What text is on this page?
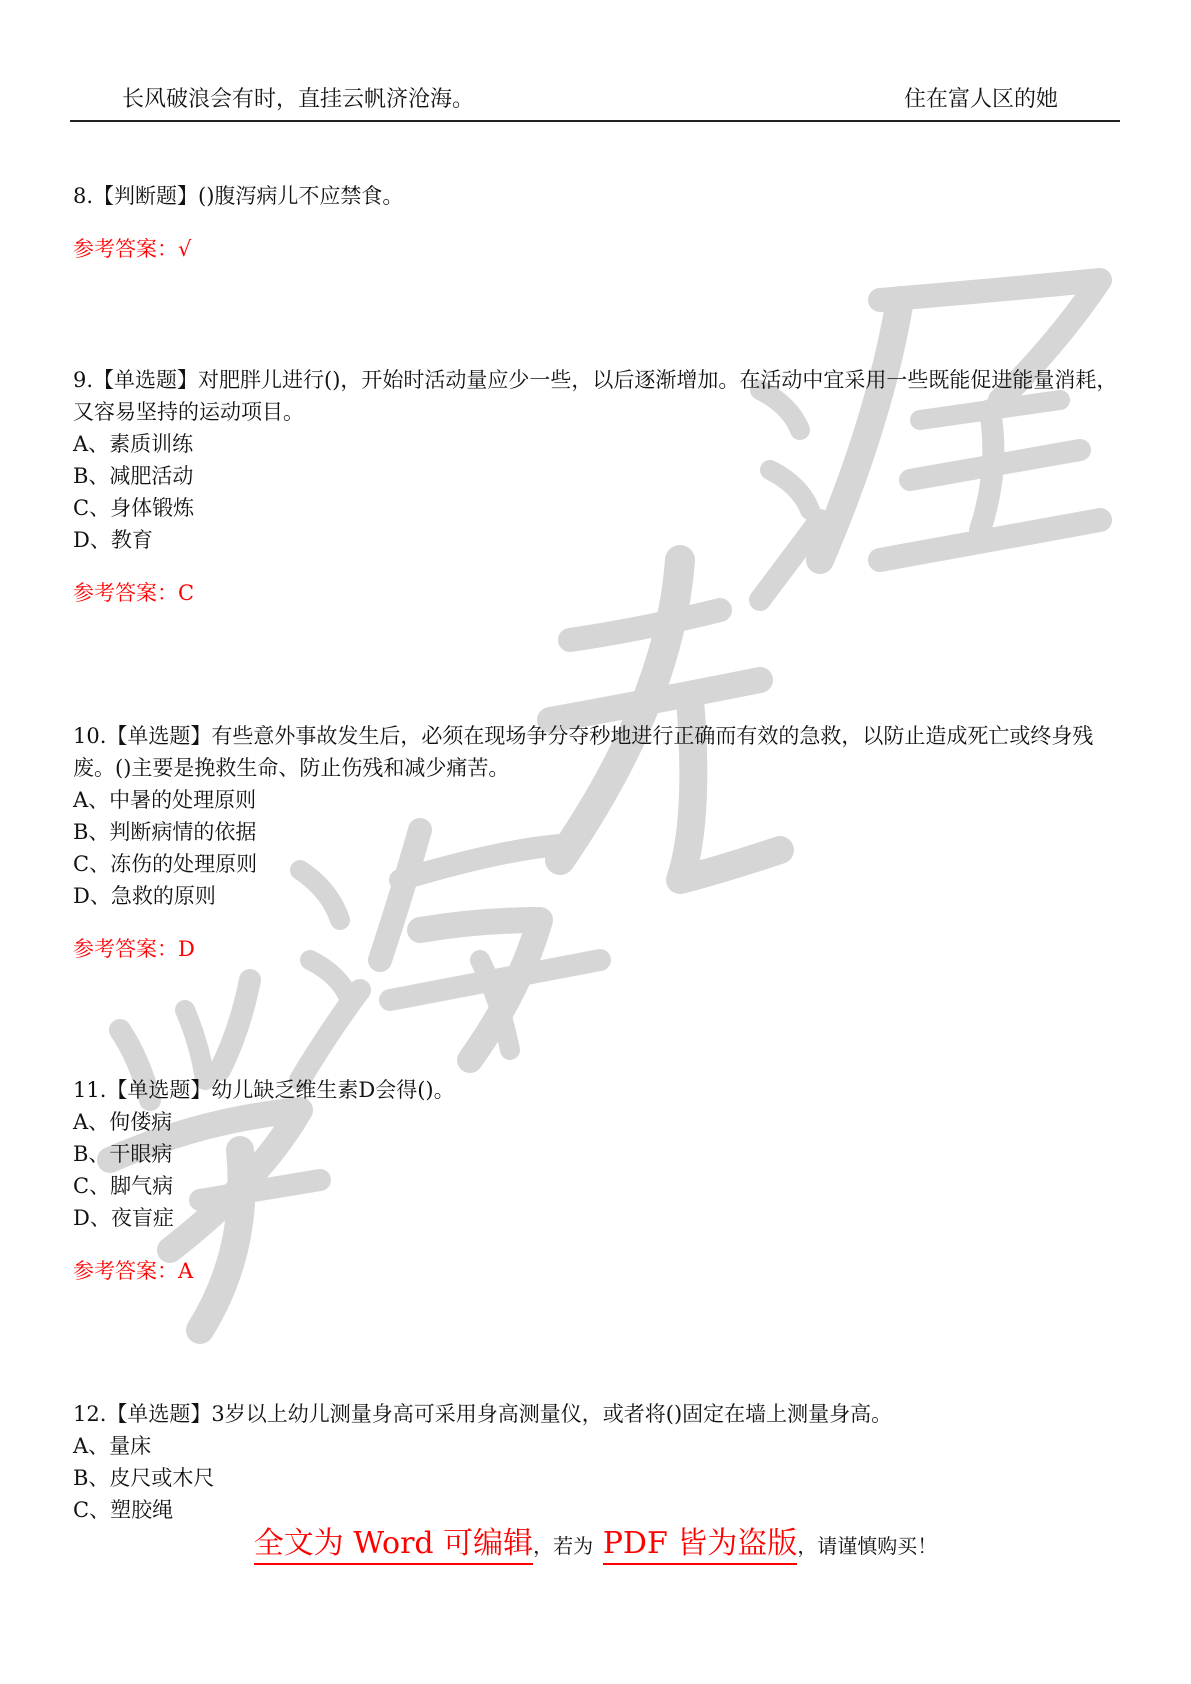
长风破浪会有时，直挂云帆济沧海。	住在富人区的她

8.【判断题】()腹泻病儿不应禁食。

参考答案：√

9.【单选题】对肥胖儿进行()，开始时活动量应少一些，以后逐渐增加。在活动中宜采用一些既能促进能量消耗，又容易坚持的运动项目。

A、素质训练
B、减肥活动
C、身体锻炼
D、教育

参考答案：C

10.【单选题】有些意外事故发生后，必须在现场争分夺秒地进行正确而有效的急救，以防止造成死亡或终身残废。()主要是挽救生命、防止伤残和减少痛苦。

A、中暑的处理原则
B、判断病情的依据
C、冻伤的处理原则
D、急救的原则

参考答案：D

11.【单选题】幼儿缺乏维生素D会得()。

A、佝偻病
B、干眼病
C、脚气病
D、夜盲症

参考答案：A

12.【单选题】3岁以上幼儿测量身高可采用身高测量仪，或者将()固定在墙上测量身高。

A、量床
B、皮尺或木尺
C、塑胶绳
全文为 Word 可编辑，若为 PDF 皆为盗版，请谨慎购买！
